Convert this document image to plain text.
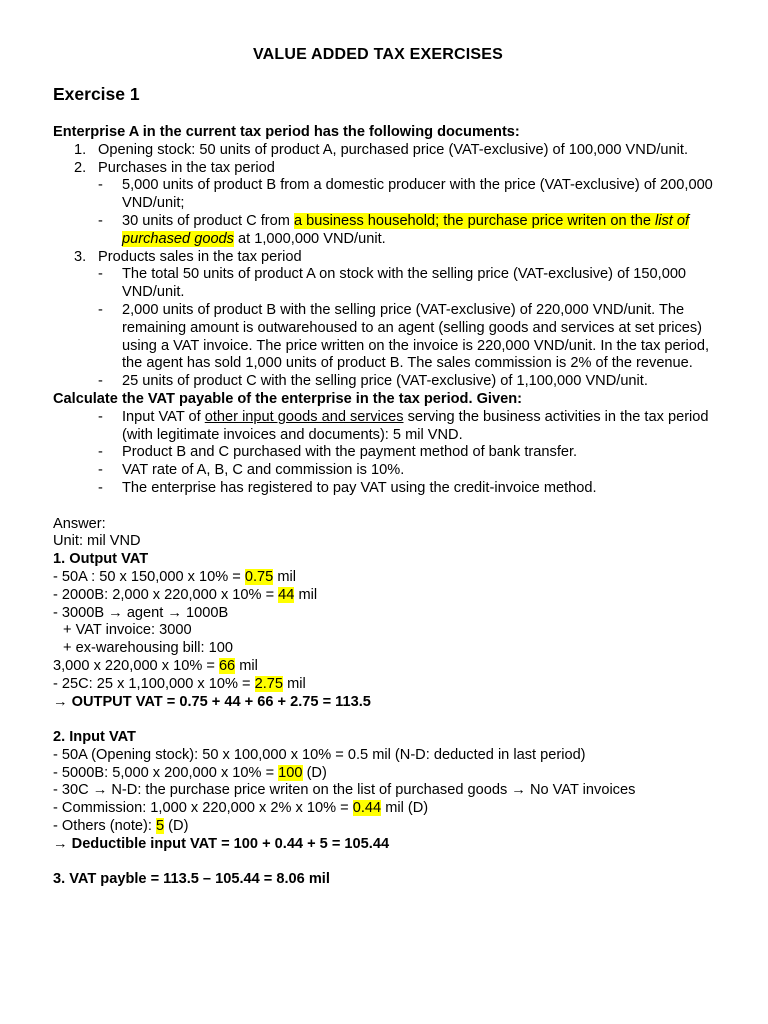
VALUE ADDED TAX EXERCISES
Exercise 1
Enterprise A in the current tax period has the following documents:
1. Opening stock: 50 units of product A, purchased price (VAT-exclusive) of 100,000 VND/unit.
2. Purchases in the tax period
-	5,000 units of product B from a domestic producer with the price (VAT-exclusive) of 200,000 VND/unit;
-	30 units of product C from a business household; the purchase price writen on the list of purchased goods at 1,000,000 VND/unit.
3. Products sales in the tax period
-	The total 50 units of product A on stock with the selling price (VAT-exclusive) of 150,000 VND/unit.
-	2,000 units of product B with the selling price (VAT-exclusive) of 220,000 VND/unit. The remaining amount is outwarehoused to an agent (selling goods and services at set prices) using a VAT invoice. The price written on the invoice is 220,000 VND/unit. In the tax period, the agent has sold 1,000 units of product B. The sales commission is 2% of the revenue.
-	25 units of product C with the selling price (VAT-exclusive) of 1,100,000 VND/unit.
Calculate the VAT payable of the enterprise in the tax period. Given:
-	Input VAT of other input goods and services serving the business activities in the tax period (with legitimate invoices and documents): 5 mil VND.
-	Product B and C purchased with the payment method of bank transfer.
-	VAT rate of A, B, C and commission is 10%.
-	The enterprise has registered to pay VAT using the credit-invoice method.
Answer:
Unit: mil VND
1. Output VAT
- 50A : 50 x 150,000 x 10% = 0.75 mil
- 2000B: 2,000 x 220,000 x 10% = 44 mil
- 3000B → agent → 1000B
+ VAT invoice: 3000
+ ex-warehousing bill: 100
3,000 x 220,000 x 10% = 66 mil
- 25C: 25 x 1,100,000 x 10% = 2.75 mil
→ OUTPUT VAT = 0.75 + 44 + 66 + 2.75 = 113.5
2. Input VAT
- 50A (Opening stock): 50 x 100,000 x 10% = 0.5 mil (N-D: deducted in last period)
- 5000B: 5,000 x 200,000 x 10% = 100 (D)
- 30C → N-D: the purchase price writen on the list of purchased goods → No VAT invoices
- Commission: 1,000 x 220,000 x 2% x 10% = 0.44 mil (D)
- Others (note): 5 (D)
→ Deductible input VAT = 100 + 0.44 + 5 = 105.44
3. VAT payble = 113.5 – 105.44 = 8.06 mil
